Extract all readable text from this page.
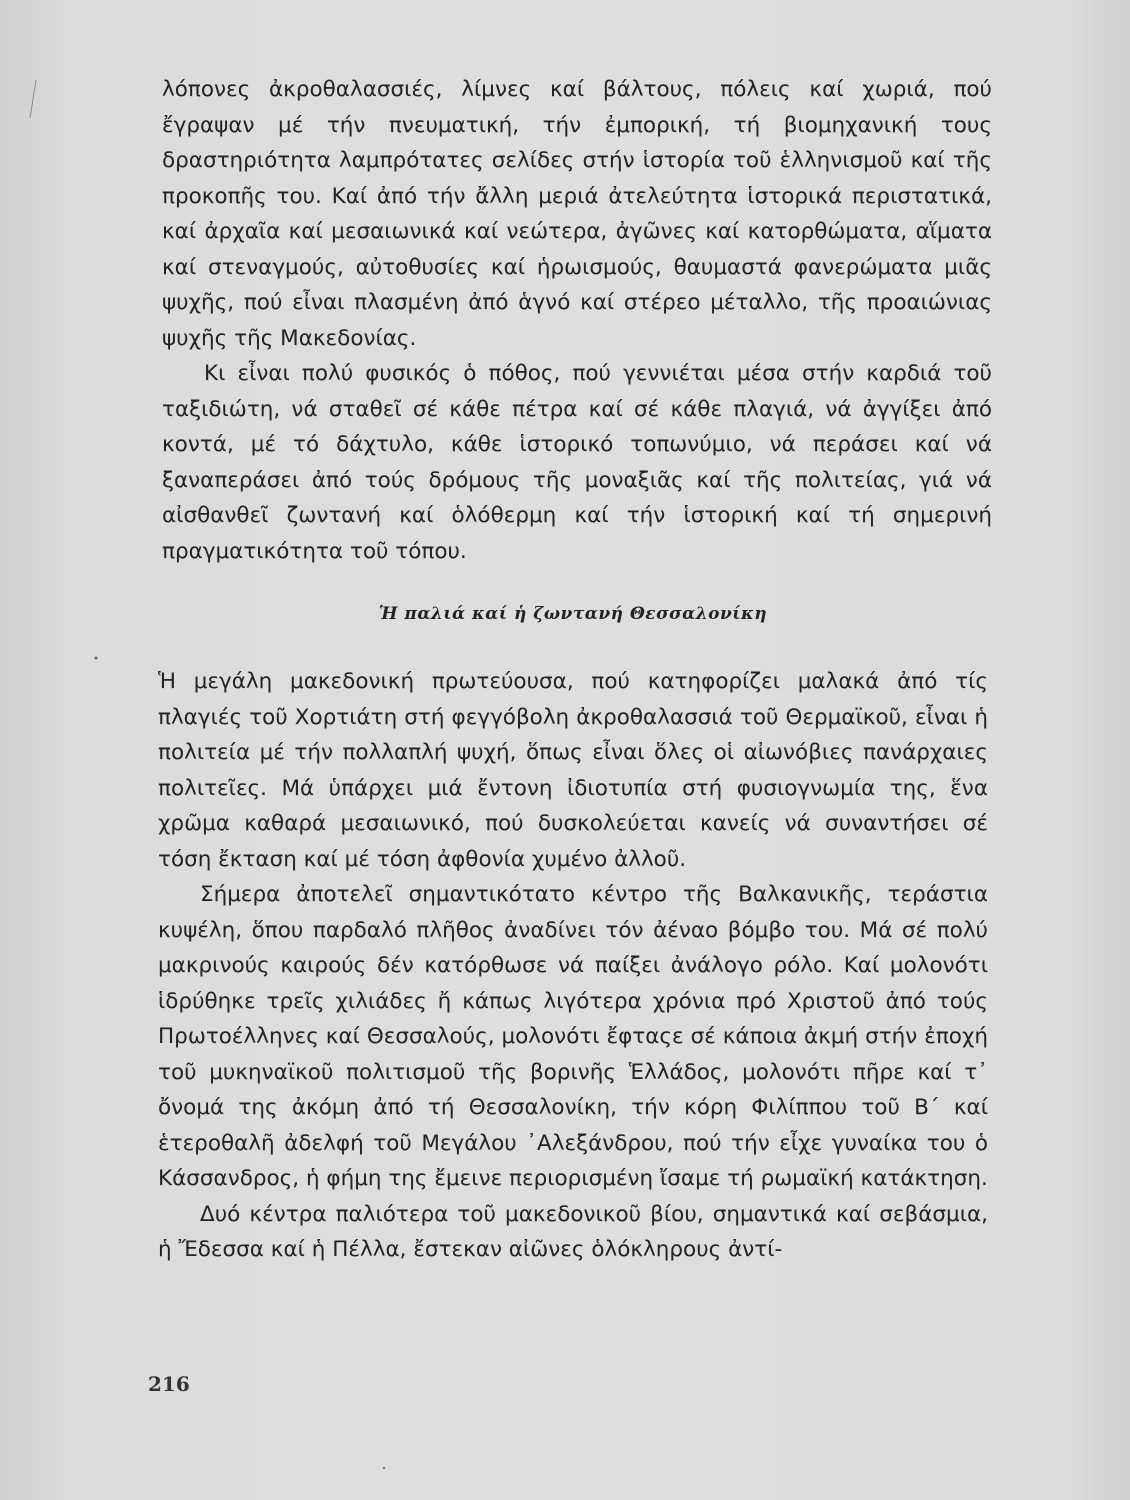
λόπονες ἀκροθαλασσιές, λίμνες καί βάλτους, πόλεις καί χωριά, πού ἔγραψαν μέ τήν πνευματική, τήν ἐμπορική, τή βιομηχανική τους δραστηριότητα λαμπρότατες σελίδες στήν ἱστορία τοῦ ἑλληνισμοῦ καί τῆς προκοπῆς του. Καί ἀπό τήν ἄλλη μεριά ἀτελεύτητα ἱστορικά περιστατικά, καί ἀρχαῖα καί μεσαιωνικά καί νεώτερα, ἀγῶνες καί κατορθώματα, αἵματα καί στεναγμούς, αὐτοθυσίες καί ἡρωισμούς, θαυμαστά φανερώματα μιᾶς ψυχῆς, πού εἶναι πλασμένη ἀπό ἁγνό καί στέρεο μέταλλο, τῆς προαιώνιας ψυχῆς τῆς Μακεδονίας.

Κι εἶναι πολύ φυσικός ὁ πόθος, πού γεννιέται μέσα στήν καρδιά τοῦ ταξιδιώτη, νά σταθεῖ σέ κάθε πέτρα καί σέ κάθε πλαγιά, νά ἀγγίξει ἀπό κοντά, μέ τό δάχτυλο, κάθε ἱστορικό τοπωνύμιο, νά περάσει καί νά ξαναπεράσει ἀπό τούς δρόμους τῆς μοναξιᾶς καί τῆς πολιτείας, γιά νά αἰσθανθεῖ ζωντανή καί ὁλόθερμη καί τήν ἱστορική καί τή σημερινή πραγματικότητα τοῦ τόπου.

Ἡ παλιά καί ἡ ζωντανή Θεσσαλονίκη

Ἡ μεγάλη μακεδονική πρωτεύουσα, πού κατηφορίζει μαλακά ἀπό τίς πλαγιές τοῦ Χορτιάτη στή φεγγόβολη ἀκροθαλασσιά τοῦ Θερμαϊκοῦ, εἶναι ἡ πολιτεία μέ τήν πολλαπλή ψυχή, ὅπως εἶναι ὅλες οἱ αἰωνόβιες πανάρχαιες πολιτεῖες. Μά ὑπάρχει μιά ἔντονη ἰδιοτυπία στή φυσιογνωμία της, ἕνα χρῶμα καθαρά μεσαιωνικό, πού δυσκολεύεται κανείς νά συναντήσει σέ τόση ἔκταση καί μέ τόση ἀφθονία χυμένο ἀλλοῦ.

Σήμερα ἀποτελεῖ σημαντικότατο κέντρο τῆς Βαλκανικῆς, τεράστια κυψέλη, ὅπου παρδαλό πλῆθος ἀναδίνει τόν ἀέναο βόμβο του. Μά σέ πολύ μακρινούς καιρούς δέν κατόρθωσε νά παίξει ἀνάλογο ρόλο. Καί μολονότι ἱδρύθηκε τρεῖς χιλιάδες ἤ κάπως λιγότερα χρόνια πρό Χριστοῦ ἀπό τούς Πρωτοέλληνες καί Θεσσαλούς, μολονότι ἔφταςε σέ κάποια ἀκμή στήν ἐποχή τοῦ μυκηναϊκοῦ πολιτισμοῦ τῆς βορινῆς Ἑλλάδος, μολονότι πῆρε καί τ᾿ ὄνομά της ἀκόμη ἀπό τή Θεσσαλονίκη, τήν κόρη Φιλίππου τοῦ Β΄ καί ἑτεροθαλῆ ἀδελφή τοῦ Μεγάλου ᾿Αλεξάνδρου, πού τήν εἶχε γυναίκα του ὁ Κάσσανδρος, ἡ φήμη της ἔμεινε περιορισμένη ἴσαμε τή ρωμαϊκή κατάκτηση.

Δυό κέντρα παλιότερα τοῦ μακεδονικοῦ βίου, σημαντικά καί σεβάσμια, ἡ Ἔδεσσα καί ἡ Πέλλα, ἔστεκαν αἰῶνες ὁλόκληρους ἀντί-

216
